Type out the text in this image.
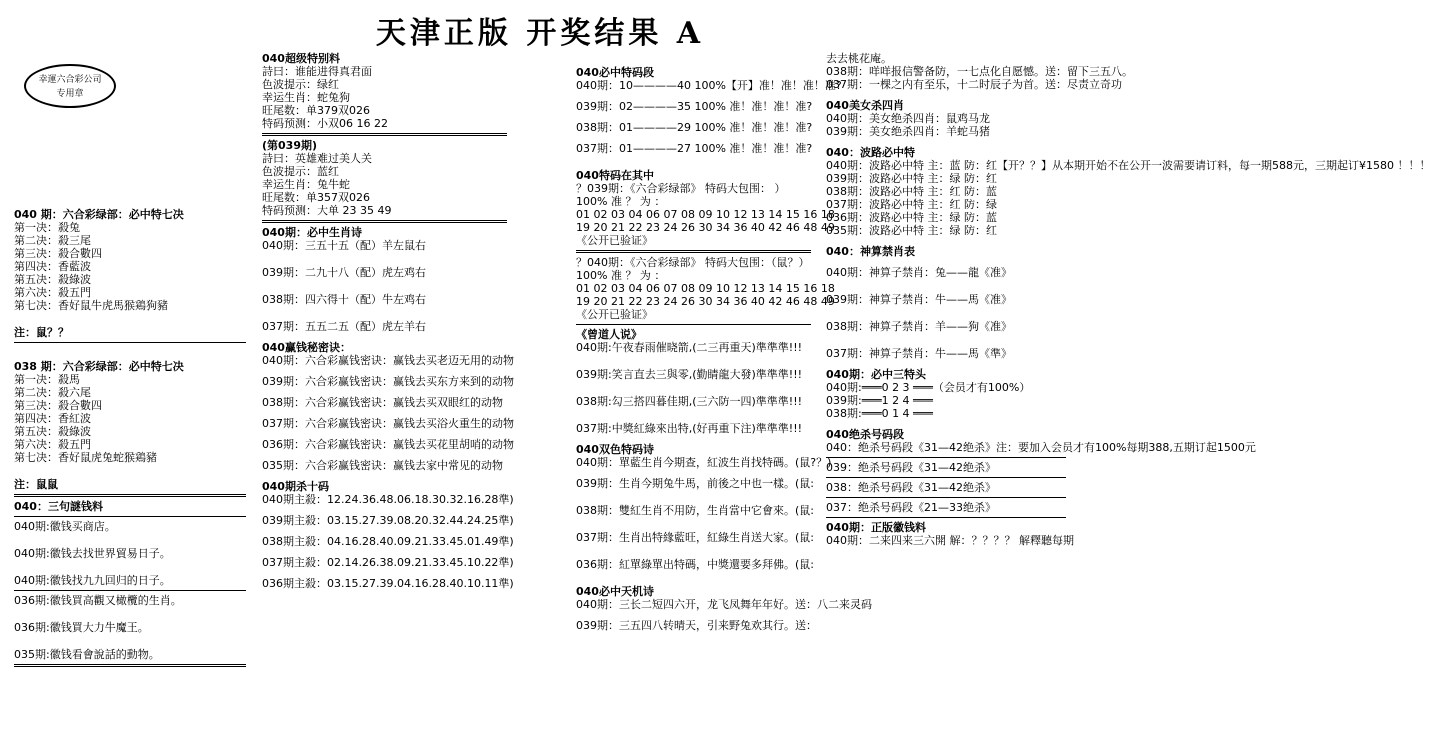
天津正版 开奖结果 A
幸運六合彩公司
专用章
040 期：六合彩绿部：必中特七决
第一决：殺兔
第二决：殺三尾
第三决：殺合數四
第四决：香藍波
第五决：殺綠波
第六决：殺五門
第七决：香好鼠牛虎馬猴鶏狗豬
注：鼠？？
038 期：六合彩绿部：必中特七决
第一决：殺馬
第二决：殺六尾
第三决：殺合數四
第四决：香紅波
第五决：殺綠波
第六决：殺五門
第七决：香好鼠虎兔蛇猴鶏豬
注：鼠鼠
040：三句謎钱料
040期:徽钱买商店。
040期:徽钱去找世界貿易日子。
040期:徽钱找九九回归的日子。
036期:徽钱買高觀又橄欖的生肖。
036期:徽钱買大力牛魔王。
035期:徽钱看會說話的動物。
040超级特别料
詩曰：谁能进得真君面
色波提示：绿红
幸运生肖：蛇兔狗
旺尾数：单379双026
特码预测：小双06 16 22
(第039期)
詩曰：英雄难过美人关
色波提示：蓝红
幸运生肖：兔牛蛇
旺尾数：单357双026
特码预测：大单 23 35 49
040期：必中生肖诗
040期：三五十五（配）羊左鼠右
039期：二九十八（配）虎左鸡右
038期：四六得十（配）牛左鸡右
037期：五五二五（配）虎左羊右
040赢钱秘密诀：
040期：六合彩赢钱密诀：赢钱去买老迈无用的动物
039期：六合彩赢钱密诀：赢钱去买东方来到的动物
038期：六合彩赢钱密诀：赢钱去买双眼红的动物
037期：六合彩赢钱密诀：赢钱去买浴火重生的动物
036期：六合彩赢钱密诀：赢钱去买花里胡哨的动物
035期：六合彩赢钱密诀：赢钱去家中常见的动物
040期杀十码
040期主殺：12.24.36.48.06.18.30.32.16.28準)
039期主殺：03.15.27.39.08.20.32.44.24.25準)
038期主殺：04.16.28.40.09.21.33.45.01.49準)
037期主殺：02.14.26.38.09.21.33.45.10.22準)
036期主殺：03.15.27.39.04.16.28.40.10.11準)
040必中特码段
040期：10————40 100%【开】准！准！准！准?
039期：02————35 100% 准！准！准！准?
038期：01————29 100% 准！准！准！准?
037期：01————27 100% 准！准！准！准?
040特码在其中
？039期：《六合彩绿部》 特码大包围： ）
100% 准 ？ 为 ：
01 02 03 04 06 07 08 09 10 12 13 14 15 16 18
19 20 21 22 23 24 26 30 34 36 40 42 46 48 49
《公开已验证》
？040期：《六合彩绿部》 特码大包围：（鼠？）
100% 准 ？ 为 ：
01 02 03 04 06 07 08 09 10 12 13 14 15 16 18
19 20 21 22 23 24 26 30 34 36 40 42 46 48 49
《公开已验证》
《曾道人说》
040期:午夜春雨催晓箭,(二三再重天)準準準!!!
039期:笑言直去三與零,(勤睛龍大發)準準準!!!
038期:勾三搭四暮佳期,(三六防一四)準準準!!!
037期:中獎紅綠來出特,(好再重下注)準準準!!!
040双色特码诗
040期：單藍生肖今期查，紅波生肖找特碼。(鼠?？)
039期：生肖今期兔牛馬，前後之中也一樣。(鼠:
038期：雙紅生肖不用防，生肖當中它會來。(鼠:
037期：生肖出特緣藍旺，紅綠生肖送大家。(鼠:
036期：紅單綠單出特碼，中獎還要多拜佛。(鼠:
040必中天机诗
040期：三长二短四六开，龙飞凤舞年年好。送：八二来灵码
039期：三五四八转晴天，引来野兔欢其行。送：
去去桃花庵。
038期：咩咩报信警备防，一七点化自愿憾。送：留下三五八。
037期：一棵之内有至乐，十二时辰子为首。送：尽责立奇功
040美女杀四肖
040期：美女绝杀四肖：鼠鸡马龙
039期：美女绝杀四肖：羊蛇马猪
040：波路必中特
040期：波路必中特 主：蓝 防：红【开？？】从本期开始不在公开一波需要请订料，每一期588元，三期起订¥1580 ！！！
039期：波路必中特 主：绿 防：红
038期：波路必中特 主：红 防：蓝
037期：波路必中特 主：红 防：绿
036期：波路必中特 主：绿 防：蓝
035期：波路必中特 主：绿 防：红
040：神算禁肖表
040期：神算子禁肖：兔——龍《准》
039期：神算子禁肖：牛——馬《准》
038期：神算子禁肖：羊——狗《准》
037期：神算子禁肖：牛——馬《準》
040期：必中三特头
040期:═══0 2 3 ═══（会员才有100%）
039期:═══1 2 4 ═══
038期:═══0 1 4 ═══
040绝杀号码段
040：绝杀号码段《31—42绝杀》注：要加入会员才有100%每期388,五期订起1500元
039：绝杀号码段《31—42绝杀》
038：绝杀号码段《31—42绝杀》
037：绝杀号码段《21—33绝杀》
040期：正版徽钱料
040期：二来四来三六開 解：？？？？ 解釋聽每期
